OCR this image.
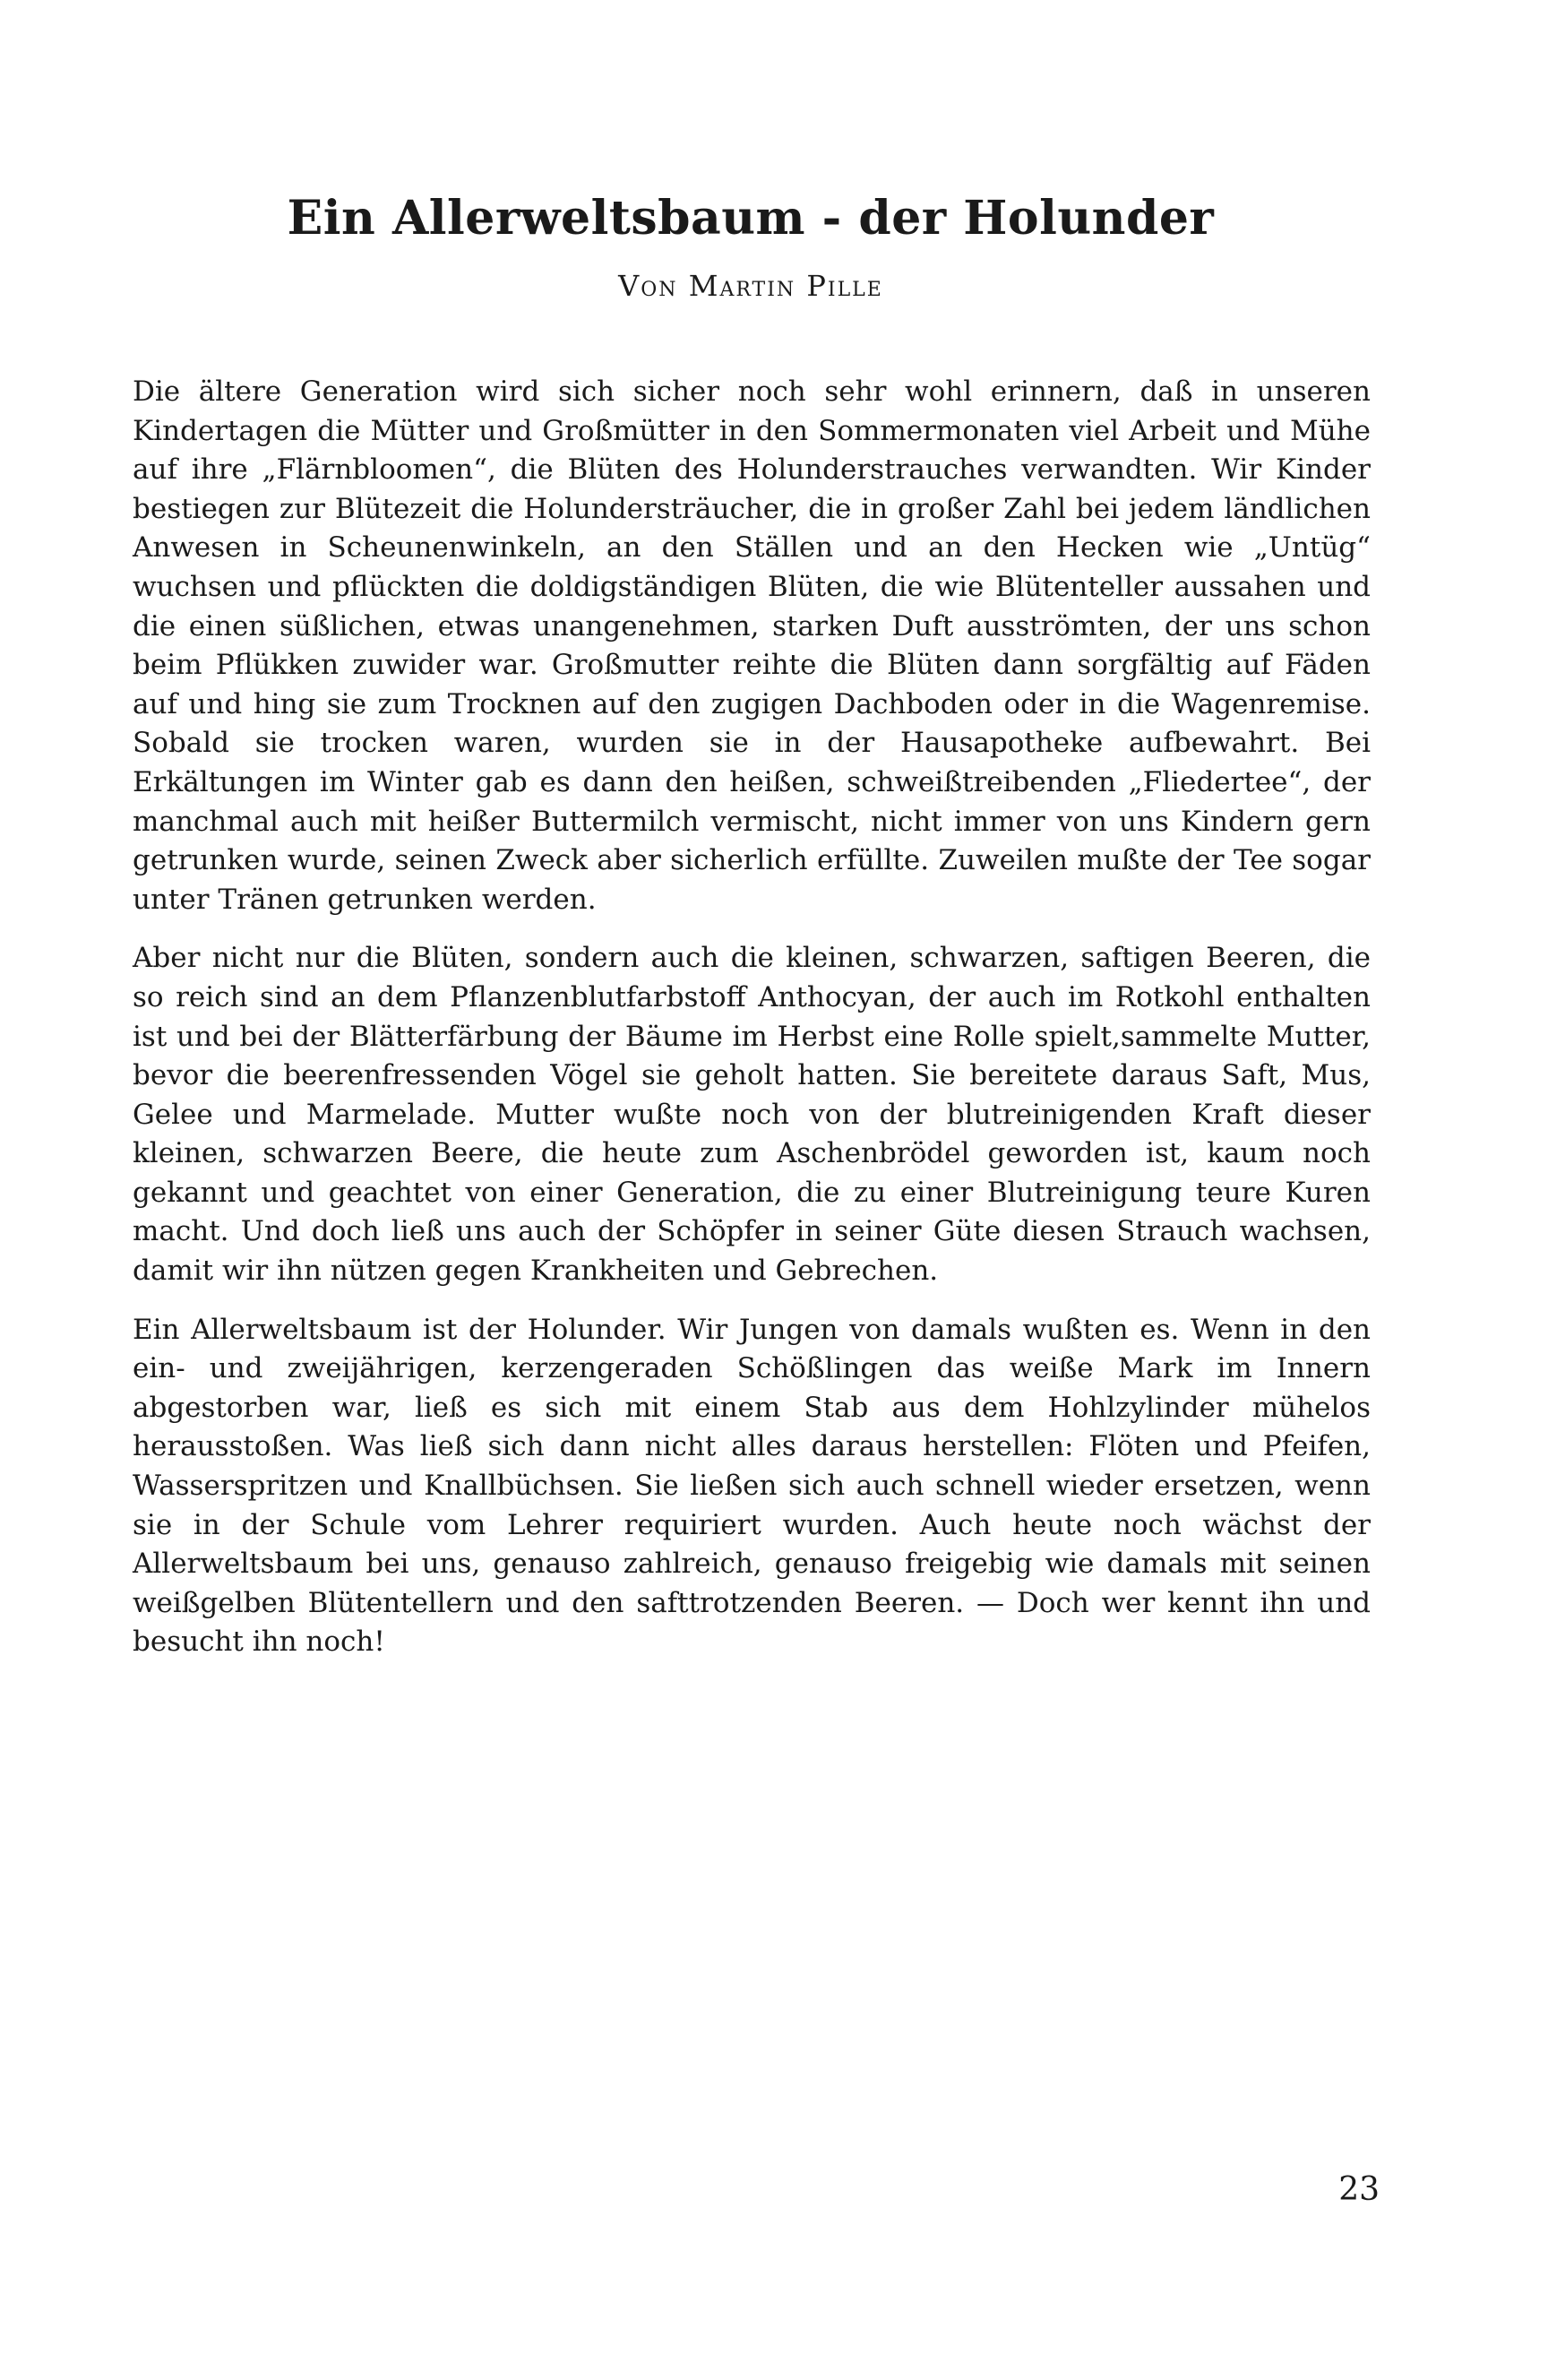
Ein Allerweltsbaum - der Holunder
Von Martin Pille

Die ältere Generation wird sich sicher noch sehr wohl erinnern, daß in unseren Kindertagen die Mütter und Großmütter in den Sommermonaten viel Arbeit und Mühe auf ihre „Flärnbloomen“, die Blüten des Holunderstrauches verwandten. Wir Kinder bestiegen zur Blütezeit die Holundersträucher, die in großer Zahl bei jedem ländlichen Anwesen in Scheunenwinkeln, an den Ställen und an den Hecken wie „Untüg“ wuchsen und pflückten die doldigständigen Blüten, die wie Blütenteller aussahen und die einen süßlichen, etwas unangenehmen, starken Duft ausströmten, der uns schon beim Pflükken zuwider war. Großmutter reihte die Blüten dann sorgfältig auf Fäden auf und hing sie zum Trocknen auf den zugigen Dachboden oder in die Wagenremise. Sobald sie trocken waren, wurden sie in der Hausapotheke aufbewahrt. Bei Erkältungen im Winter gab es dann den heißen, schweißtreibenden „Fliedertee“, der manchmal auch mit heißer Buttermilch vermischt, nicht immer von uns Kindern gern getrunken wurde, seinen Zweck aber sicherlich erfüllte. Zuweilen mußte der Tee sogar unter Tränen getrunken werden.

Aber nicht nur die Blüten, sondern auch die kleinen, schwarzen, saftigen Beeren, die so reich sind an dem Pflanzenblutfarbstoff Anthocyan, der auch im Rotkohl enthalten ist und bei der Blätterfärbung der Bäume im Herbst eine Rolle spielt,sammelte Mutter, bevor die beerenfressenden Vögel sie geholt hatten. Sie bereitete daraus Saft, Mus, Gelee und Marmelade. Mutter wußte noch von der blutreinigenden Kraft dieser kleinen, schwarzen Beere, die heute zum Aschenbrödel geworden ist, kaum noch gekannt und geachtet von einer Generation, die zu einer Blutreinigung teure Kuren macht. Und doch ließ uns auch der Schöpfer in seiner Güte diesen Strauch wachsen, damit wir ihn nützen gegen Krankheiten und Gebrechen.

Ein Allerweltsbaum ist der Holunder. Wir Jungen von damals wußten es. Wenn in den ein- und zweijährigen, kerzengeraden Schößlingen das weiße Mark im Innern abgestorben war, ließ es sich mit einem Stab aus dem Hohlzylinder mühelos herausstoßen. Was ließ sich dann nicht alles daraus herstellen: Flöten und Pfeifen, Wasserspritzen und Knallbüchsen. Sie ließen sich auch schnell wieder ersetzen, wenn sie in der Schule vom Lehrer requiriert wurden. Auch heute noch wächst der Allerweltsbaum bei uns, genauso zahlreich, genauso freigebig wie damals mit seinen weißgelben Blütentellern und den safttrotzenden Beeren. — Doch wer kennt ihn und besucht ihn noch!

23
